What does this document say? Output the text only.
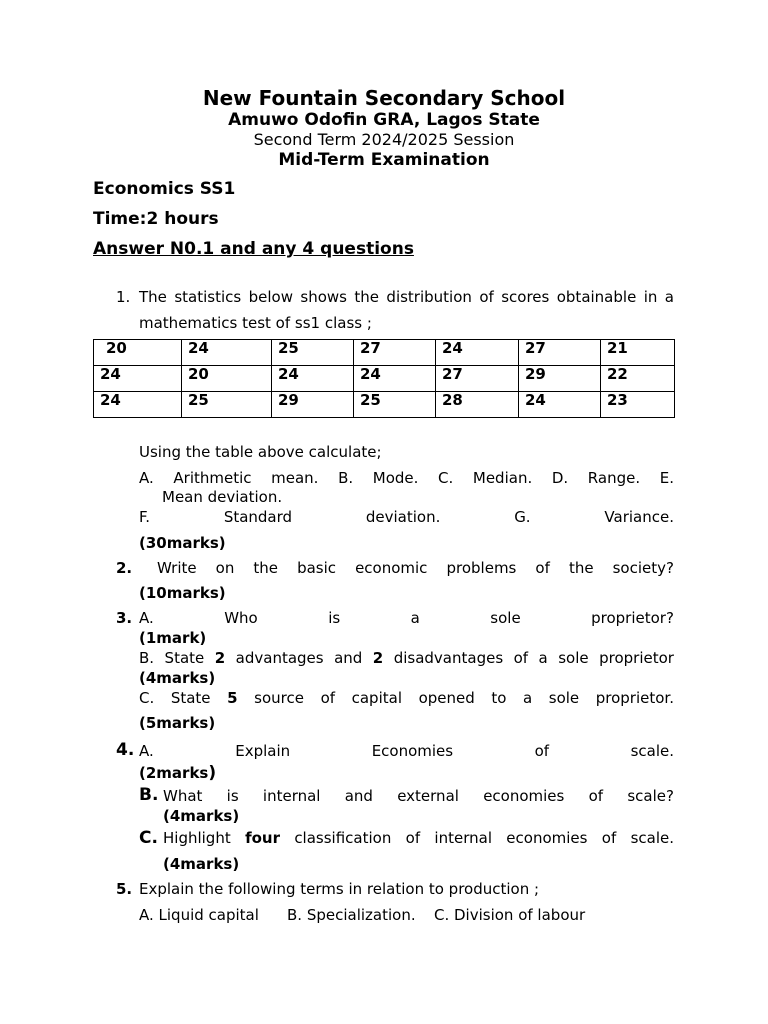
New Fountain Secondary School
Amuwo Odofin GRA, Lagos State
Second Term 2024/2025 Session
Mid-Term Examination
Economics SS1
Time:2 hours
Answer N0.1 and any 4 questions
1. The statistics below shows the distribution of scores obtainable in a
mathematics test of ss1 class ;
20	24	25	27	24	27	21
24	20	24	24	27	29	22
24	25	29	25	28	24	23
Using the table above calculate;
A. Arithmetic mean. B. Mode. C. Median. D. Range. E.
Mean deviation.
F.	Standard	deviation.	G.	Variance.
(30marks)
2. Write on the basic economic problems of the society?
(10marks)
3. A.	Who	is	a	sole	proprietor?
(1mark)
B. State 2 advantages and 2 disadvantages of a sole proprietor
(4marks)
C. State 5 source of capital opened to a sole proprietor.
(5marks)
4. A.	Explain	Economies	of	scale.
(2marks)
B. What is internal and external economies of scale?
(4marks)
C. Highlight four classification of internal economies of scale.
(4marks)
5. Explain the following terms in relation to production ;
A. Liquid capital B. Specialization. C. Division of labour
